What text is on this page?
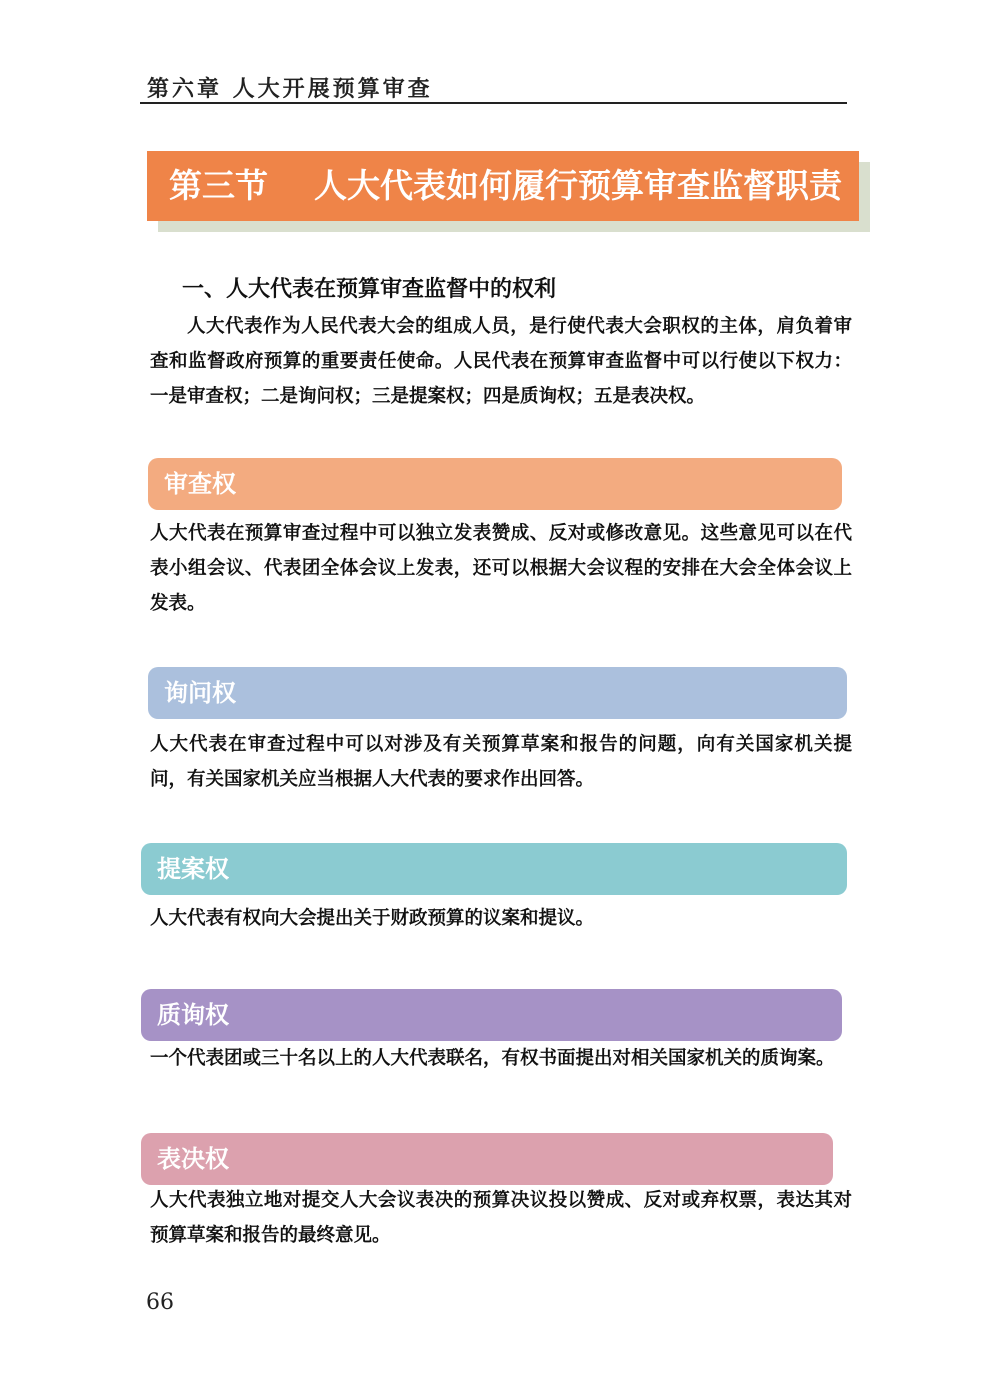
第六章 人大开展预算审查
第三节    人大代表如何履行预算审查监督职责
一、人大代表在预算审查监督中的权利

人大代表作为人民代表大会的组成人员，是行使代表大会职权的主体，肩负着审查和监督政府预算的重要责任使命。人民代表在预算审查监督中可以行使以下权力：一是审查权；二是询问权；三是提案权；四是质询权；五是表决权。

审查权

人大代表在预算审查过程中可以独立发表赞成、反对或修改意见。这些意见可以在代表小组会议、代表团全体会议上发表，还可以根据大会议程的安排在大会全体会议上发表。

询问权

人大代表在审查过程中可以对涉及有关预算草案和报告的问题，向有关国家机关提问，有关国家机关应当根据人大代表的要求作出回答。

提案权

人大代表有权向大会提出关于财政预算的议案和提议。

质询权

一个代表团或三十名以上的人大代表联名，有权书面提出对相关国家机关的质询案。

表决权

人大代表独立地对提交人大会议表决的预算决议投以赞成、反对或弃权票，表达其对预算草案和报告的最终意见。

66
